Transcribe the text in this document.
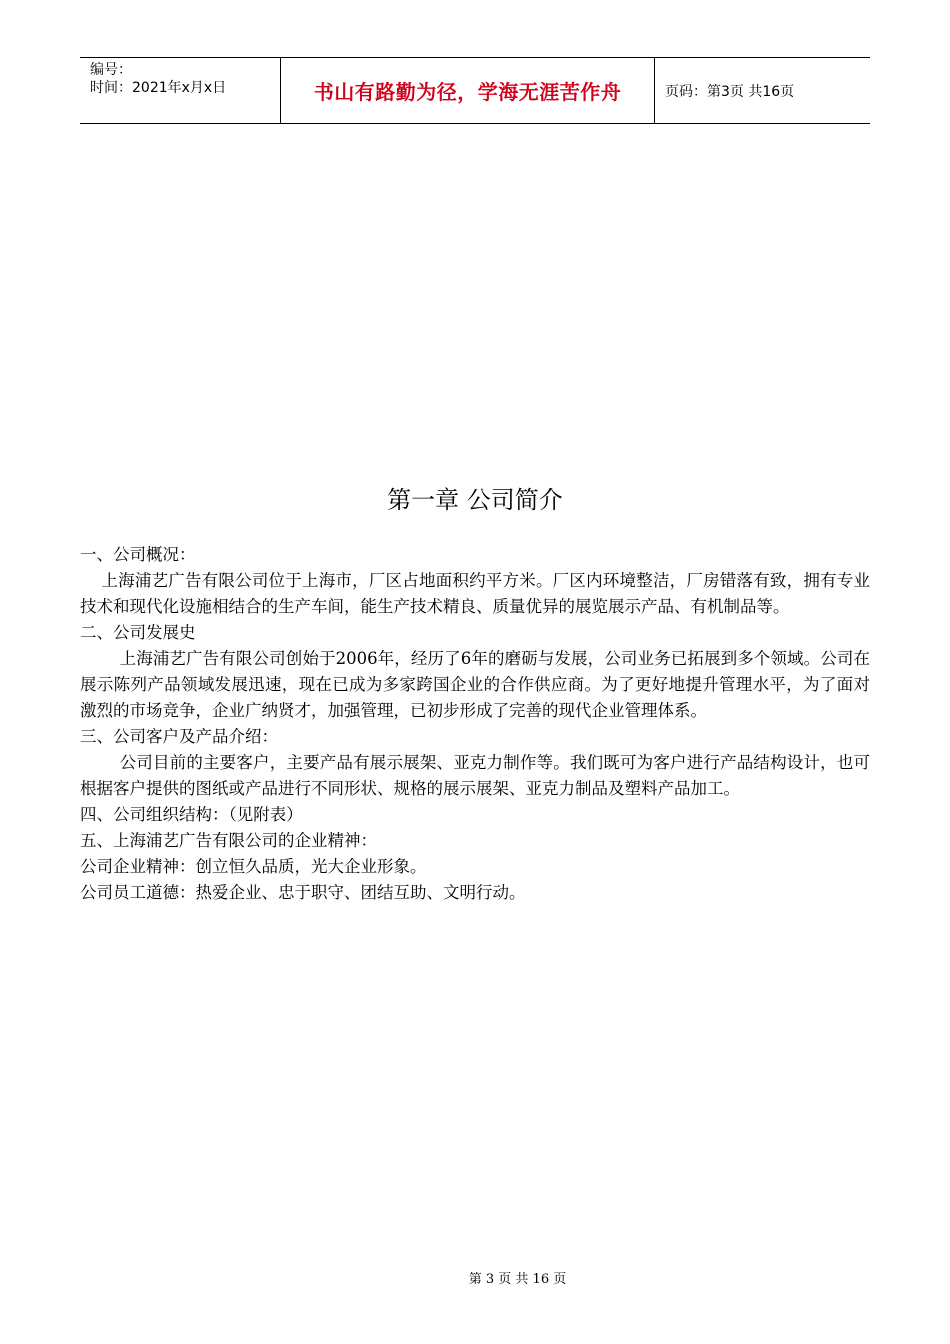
编号：
时间：2021年x月x日	书山有路勤为径，学海无涯苦作舟	页码：第3页 共16页
第一章 公司简介

一、公司概况：

上海浦艺广告有限公司位于上海市，厂区占地面积约平方米。厂区内环境整洁，厂房错落有致，拥有专业技术和现代化设施相结合的生产车间，能生产技术精良、质量优异的展览展示产品、有机制品等。

二、公司发展史

上海浦艺广告有限公司创始于2006年，经历了6年的磨砺与发展，公司业务已拓展到多个领域。公司在展示陈列产品领域发展迅速，现在已成为多家跨国企业的合作供应商。为了更好地提升管理水平，为了面对激烈的市场竞争，企业广纳贤才，加强管理，已初步形成了完善的现代企业管理体系。

三、公司客户及产品介绍：

公司目前的主要客户，主要产品有展示展架、亚克力制作等。我们既可为客户进行产品结构设计，也可根据客户提供的图纸或产品进行不同形状、规格的展示展架、亚克力制品及塑料产品加工。

四、公司组织结构：（见附表）

五、上海浦艺广告有限公司的企业精神：

公司企业精神：创立恒久品质，光大企业形象。

公司员工道德：热爱企业、忠于职守、团结互助、文明行动。

第 3 页 共 16 页
